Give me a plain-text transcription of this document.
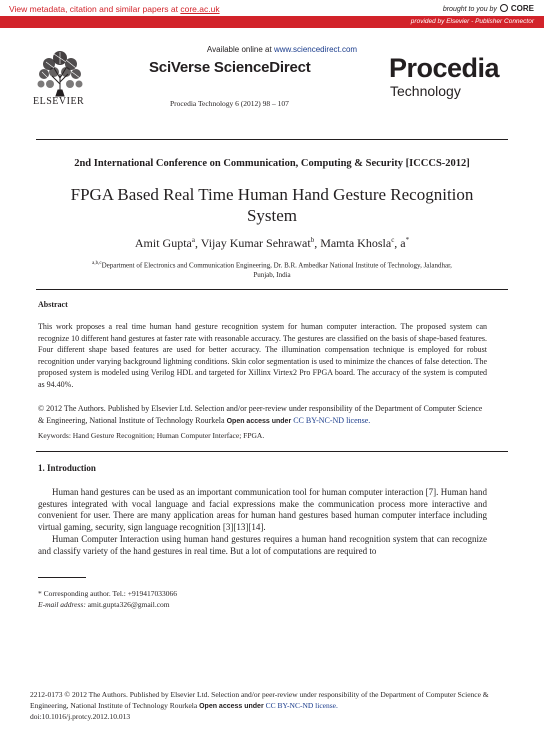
View metadata, citation and similar papers at core.ac.uk	brought to you by CORE
provided by Elsevier - Publisher Connector
ELSEVIER
Available online at www.sciencedirect.com
SciVerse ScienceDirect
Procedia Technology 6 (2012) 98 – 107
Procedia
Technology
2nd International Conference on Communication, Computing & Security [ICCCS-2012]
FPGA Based Real Time Human Hand Gesture Recognition System
Amit Gupta$^a$, Vijay Kumar Sehrawat$^b$, Mamta Khosla$^c$, a*
$^{a,b,c}$Department of Electronics and Communication Engineering, Dr. B.R. Ambedkar National Institute of Technology, Jalandhar, Punjab, India
Abstract
This work proposes a real time human hand gesture recognition system for human computer interaction. The proposed system can recognize 10 different hand gestures at faster rate with reasonable accuracy. The gestures are classified on the basis of shape-based features. Four different shape based features are used for better accuracy. The illumination compensation technique is employed for robust recognition under varying background lightning conditions. Skin color segmentation is used to minimize the chances of false detection. The proposed system is modeled using Verilog HDL and targeted for Xillinx Virtex2 Pro FPGA board. The accuracy of the system is computed as 94.40%.
© 2012 The Authors. Published by Elsevier Ltd. Selection and/or peer-review under responsibility of the Department of Computer Science & Engineering, National Institute of Technology Rourkela Open access under CC BY-NC-ND license.
Keywords: Hand Gesture Recognition; Human Computer Interface; FPGA.
1. Introduction

Human hand gestures can be used as an important communication tool for human computer interaction [7]. Human hand gestures integrated with vocal language and facial expressions make the communication process more interactive and convenient for user. There are many application areas for human hand gestures based human computer interface including virtual gaming, security, sign language recognition [3][13][14].

Human Computer Interaction using human hand gestures requires a human hand recognition system that can recognize and classify variety of the hand gestures in real time. But a lot of computations are required to

* Corresponding author. Tel.: +919417033066
E-mail address: amit.gupta326@gmail.com
2212-0173 © 2012 The Authors. Published by Elsevier Ltd. Selection and/or peer-review under responsibility of the Department of Computer Science & Engineering, National Institute of Technology Rourkela Open access under CC BY-NC-ND license.
doi:10.1016/j.protcy.2012.10.013
